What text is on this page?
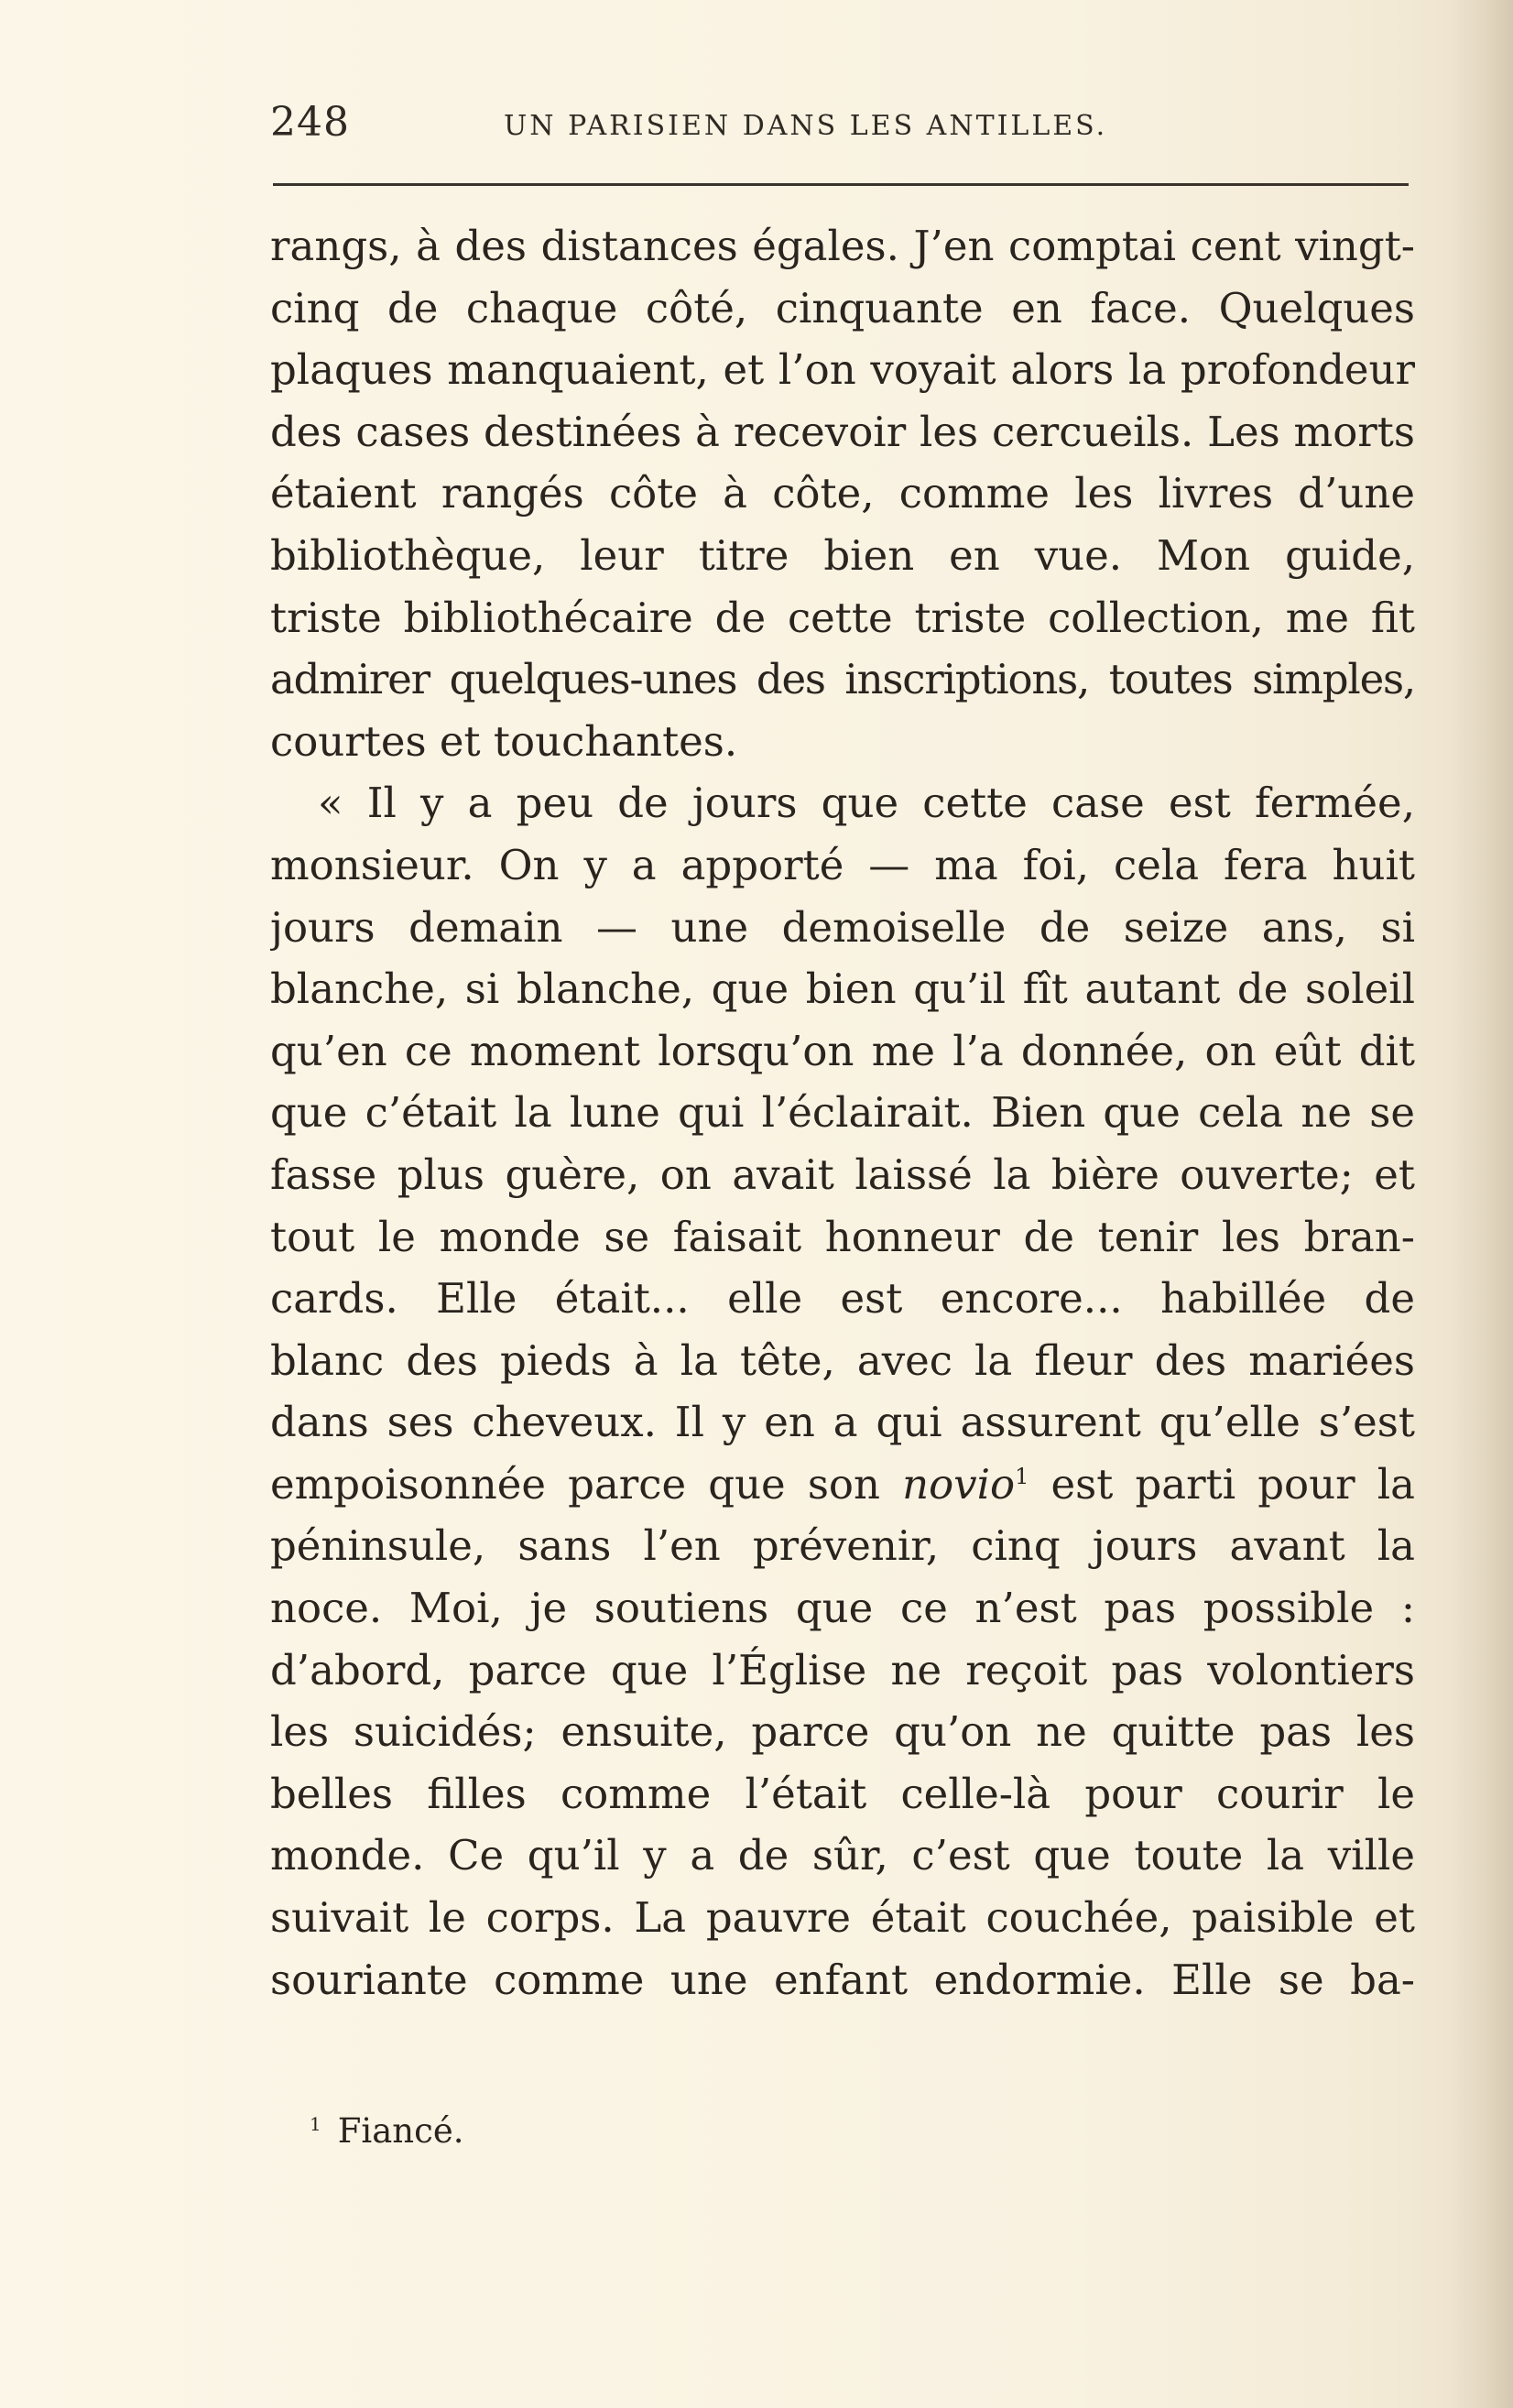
248	UN PARISIEN DANS LES ANTILLES.
rangs, à des distances égales. J’en comptai cent vingt-
cinq de chaque côté, cinquante en face. Quelques
plaques manquaient, et l’on voyait alors la profondeur
des cases destinées à recevoir les cercueils. Les morts
étaient rangés côte à côte, comme les livres d’une
bibliothèque, leur titre bien en vue. Mon guide,
triste bibliothécaire de cette triste collection, me fit
admirer quelques-unes des inscriptions, toutes simples,
courtes et touchantes.
« Il y a peu de jours que cette case est fermée,
monsieur. On y a apporté — ma foi, cela fera huit
jours demain — une demoiselle de seize ans, si
blanche, si blanche, que bien qu’il fît autant de soleil
qu’en ce moment lorsqu’on me l’a donnée, on eût dit
que c’était la lune qui l’éclairait. Bien que cela ne se
fasse plus guère, on avait laissé la bière ouverte; et
tout le monde se faisait honneur de tenir les bran-
cards. Elle était... elle est encore... habillée de
blanc des pieds à la tête, avec la fleur des mariées
dans ses cheveux. Il y en a qui assurent qu’elle s’est
empoisonnée parce que son novio$^1$ est parti pour la
péninsule, sans l’en prévenir, cinq jours avant la
noce. Moi, je soutiens que ce n’est pas possible :
d’abord, parce que l’Église ne reçoit pas volontiers
les suicidés; ensuite, parce qu’on ne quitte pas les
belles filles comme l’était celle-là pour courir le
monde. Ce qu’il y a de sûr, c’est que toute la ville
suivait le corps. La pauvre était couchée, paisible et
souriante comme une enfant endormie. Elle se ba-
$^1$ Fiancé.
